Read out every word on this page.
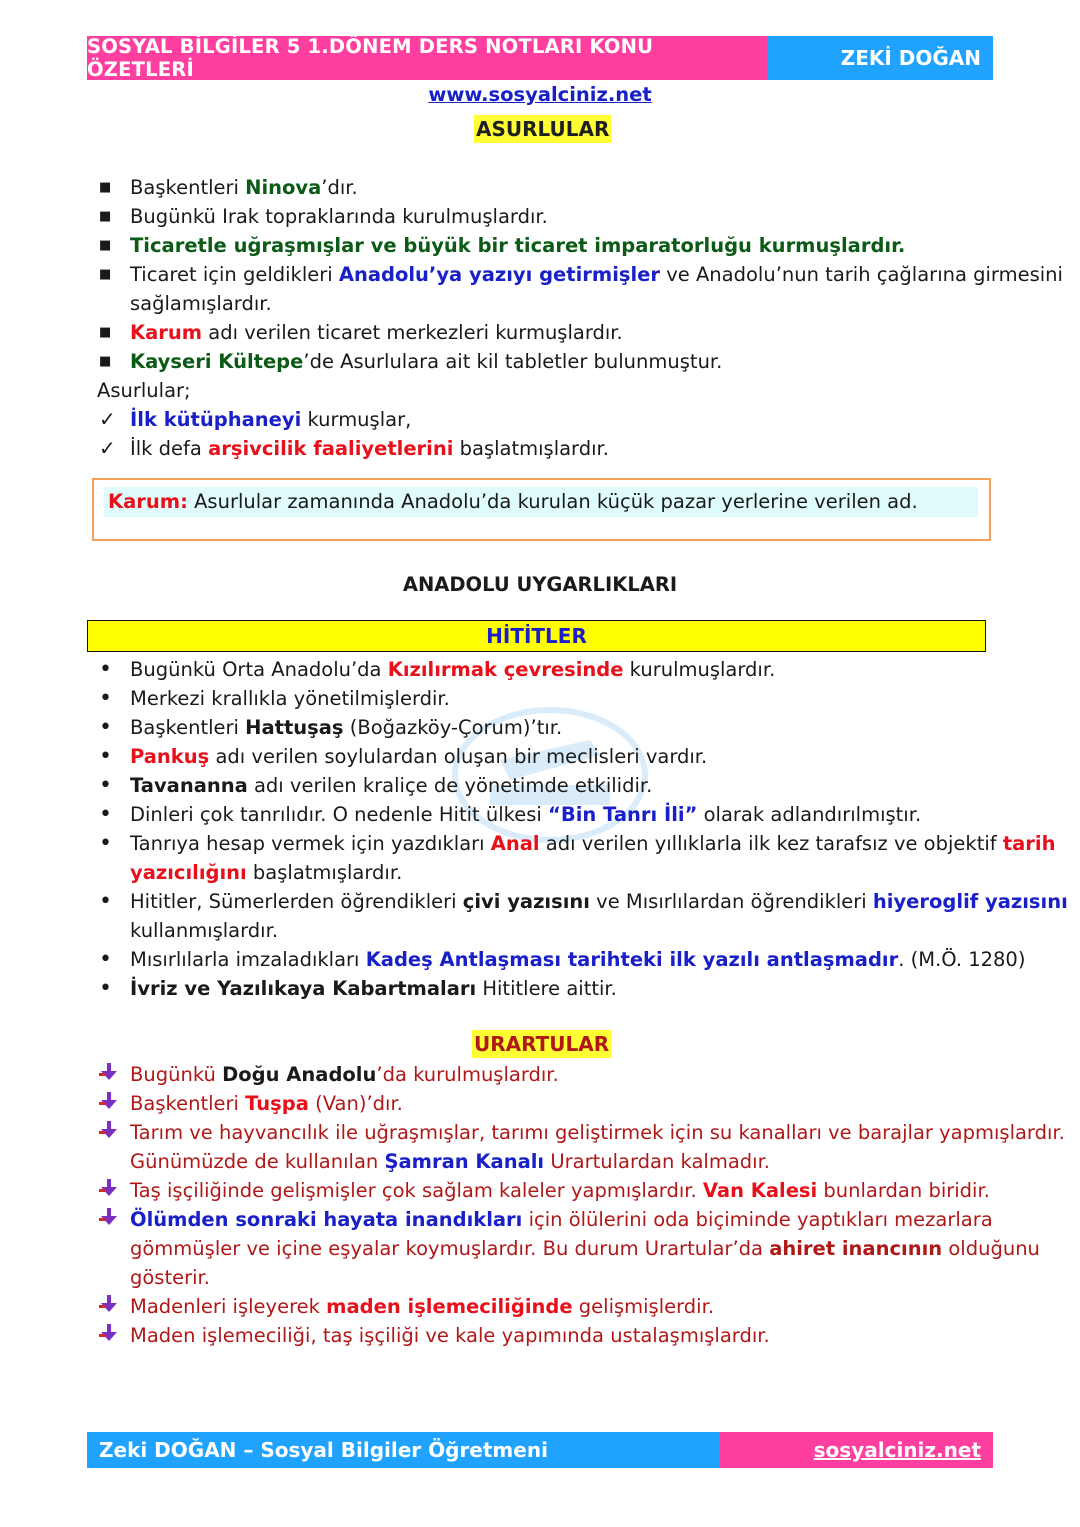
SOSYAL BİLGİLER 5 1.DÖNEM DERS NOTLARI KONU ÖZETLERİ	ZEKİ DOĞAN
www.sosyalciniz.net
ASURLULAR
■ Başkentleri Ninova’dır.
■ Bugünkü Irak topraklarında kurulmuşlardır.
■ Ticaretle uğraşmışlar ve büyük bir ticaret imparatorluğu kurmuşlardır.
■ Ticaret için geldikleri Anadolu’ya yazıyı getirmişler ve Anadolu’nun tarih çağlarına girmesini sağlamışlardır.
■ Karum adı verilen ticaret merkezleri kurmuşlardır.
■ Kayseri Kültepe’de Asurlulara ait kil tabletler bulunmuştur.
Asurlular;
✓ İlk kütüphaneyi kurmuşlar,
✓ İlk defa arşivcilik faaliyetlerini başlatmışlardır.
Karum: Asurlular zamanında Anadolu’da kurulan küçük pazar yerlerine verilen ad.
ANADOLU UYGARLIKLARI
HİTİTLER
• Bugünkü Orta Anadolu’da Kızılırmak çevresinde kurulmuşlardır.
• Merkezi krallıkla yönetilmişlerdir.
• Başkentleri Hattuşaş (Boğazköy-Çorum)’tır.
• Pankuş adı verilen soylulardan oluşan bir meclisleri vardır.
• Tavananna adı verilen kraliçe de yönetimde etkilidir.
• Dinleri çok tanrılıdır. O nedenle Hitit ülkesi “Bin Tanrı İli” olarak adlandırılmıştır.
• Tanrıya hesap vermek için yazdıkları Anal adı verilen yıllıklarla ilk kez tarafsız ve objektif tarih yazıcılığını başlatmışlardır.
• Hititler, Sümerlerden öğrendikleri çivi yazısını ve Mısırlılardan öğrendikleri hiyeroglif yazısını kullanmışlardır.
• Mısırlılarla imzaladıkları Kadeş Antlaşması tarihteki ilk yazılı antlaşmadır. (M.Ö. 1280)
• İvriz ve Yazılıkaya Kabartmaları Hititlere aittir.
URARTULAR
Bugünkü Doğu Anadolu’da kurulmuşlardır.
Başkentleri Tuşpa (Van)’dır.
Tarım ve hayvancılık ile uğraşmışlar, tarımı geliştirmek için su kanalları ve barajlar yapmışlardır. Günümüzde de kullanılan Şamran Kanalı Urartulardan kalmadır.
Taş işçiliğinde gelişmişler çok sağlam kaleler yapmışlardır. Van Kalesi bunlardan biridir.
Ölümden sonraki hayata inandıkları için ölülerini oda biçiminde yaptıkları mezarlara gömmüşler ve içine eşyalar koymuşlardır. Bu durum Urartular’da ahiret inancının olduğunu gösterir.
Madenleri işleyerek maden işlemeciliğinde gelişmişlerdir.
Maden işlemeciliği, taş işçiliği ve kale yapımında ustalaşmışlardır.
Zeki DOĞAN – Sosyal Bilgiler Öğretmeni	sosyalciniz.net
